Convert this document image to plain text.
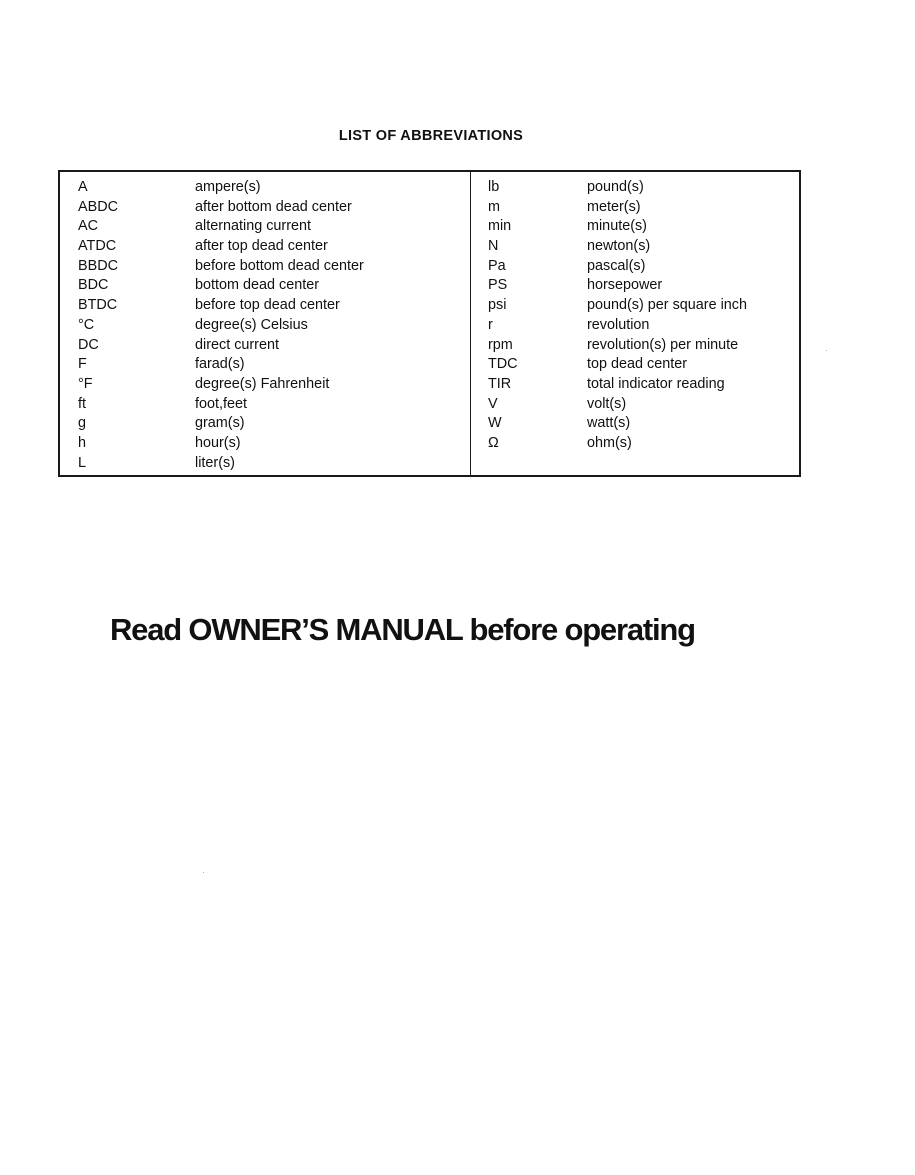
LIST OF ABBREVIATIONS
A	ampere(s)
ABDC	after bottom dead center
AC	alternating current
ATDC	after top dead center
BBDC	before bottom dead center
BDC	bottom dead center
BTDC	before top dead center
°C	degree(s) Celsius
DC	direct current
F	farad(s)
°F	degree(s) Fahrenheit
ft	foot,feet
g	gram(s)
h	hour(s)
L	liter(s)
lb	pound(s)
m	meter(s)
min	minute(s)
N	newton(s)
Pa	pascal(s)
PS	horsepower
psi	pound(s) per square inch
r	revolution
rpm	revolution(s) per minute
TDC	top dead center
TIR	total indicator reading
V	volt(s)
W	watt(s)
Ω	ohm(s)
Read OWNER’S MANUAL before operating
